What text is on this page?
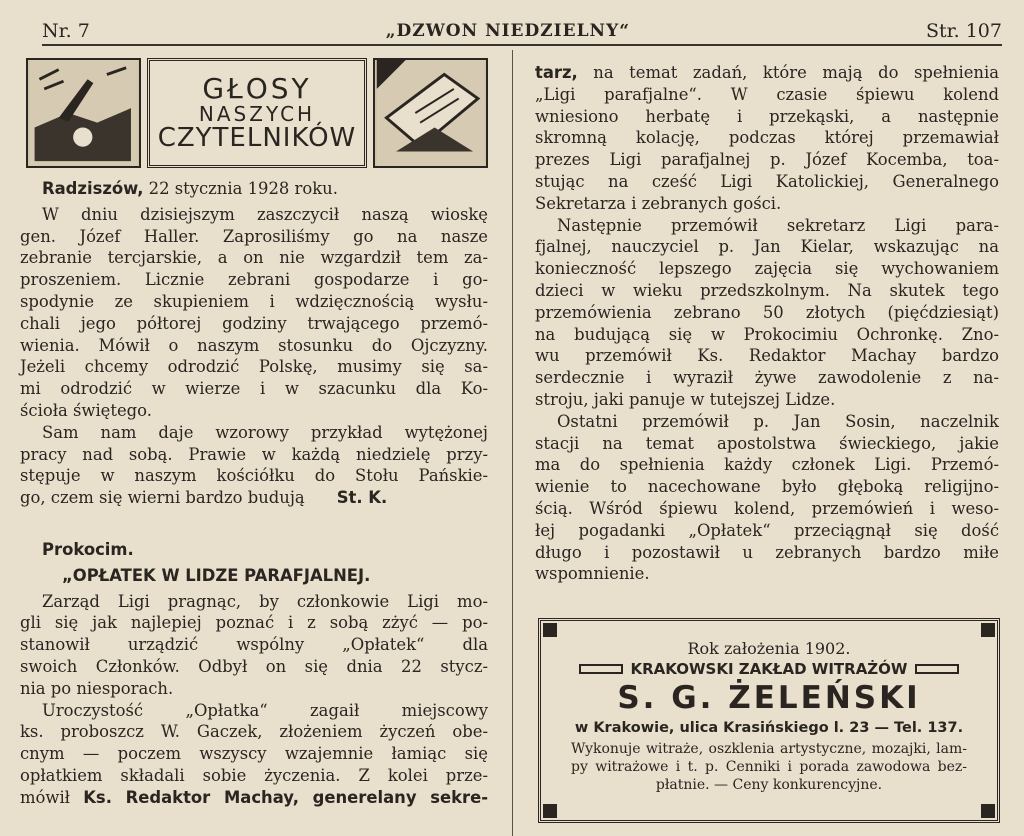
Nr. 7	„DZWON NIEDZIELNY“	Str. 107
GŁOSY
NASZYCH
CZYTELNIKÓW

Radziszów, 22 stycznia 1928 roku.

W dniu dzisiejszym zaszczycił naszą wioskę

gen. Józef Haller. Zaprosiliśmy go na nasze

zebranie tercjarskie, a on nie wzgardził tem za-

proszeniem. Licznie zebrani gospodarze i go-

spodynie ze skupieniem i wdzięcznością wysłu-

chali jego półtorej godziny trwającego przemó-

wienia. Mówił o naszym stosunku do Ojczyzny.

Jeżeli chcemy odrodzić Polskę, musimy się sa-

mi odrodzić w wierze i w szacunku dla Ko-

ścioła świętego.

Sam nam daje wzorowy przykład wytężonej

pracy nad sobą. Prawie w każdą niedzielę przy-

stępuje w naszym kościółku do Stołu Pańskie-

go, czem się wierni bardzo budują St. K.

Prokocim.

„OPŁATEK W LIDZE PARAFJALNEJ.

Zarząd Ligi pragnąc, by członkowie Ligi mo-

gli się jak najlepiej poznać i z sobą zżyć — po-

stanowił urządzić wspólny „Opłatek“ dla

swoich Członków. Odbył on się dnia 22 stycz-

nia po niesporach.

Uroczystość „Opłatka“ zagaił miejscowy

ks. proboszcz W. Gaczek, złożeniem życzeń obe-

cnym — poczem wszyscy wzajemnie łamiąc się

opłatkiem składali sobie życzenia. Z kolei prze-

mówił Ks. Redaktor Machay, generelany sekre-

tarz, na temat zadań, które mają do spełnienia

„Ligi parafjalne“. W czasie śpiewu kolend

wniesiono herbatę i przekąski, a następnie

skromną kolację, podczas której przemawiał

prezes Ligi parafjalnej p. Józef Kocemba, toa-

stując na cześć Ligi Katolickiej, Generalnego

Sekretarza i zebranych gości.

Następnie przemówił sekretarz Ligi para-

fjalnej, nauczyciel p. Jan Kielar, wskazując na

konieczność lepszego zajęcia się wychowaniem

dzieci w wieku przedszkolnym. Na skutek tego

przemówienia zebrano 50 złotych (pięćdziesiąt)

na budującą się w Prokocimiu Ochronkę. Zno-

wu przemówił Ks. Redaktor Machay bardzo

serdecznie i wyraził żywe zawodolenie z na-

stroju, jaki panuje w tutejszej Lidze.

Ostatni przemówił p. Jan Sosin, naczelnik

stacji na temat apostolstwa świeckiego, jakie

ma do spełnienia każdy członek Ligi. Przemó-

wienie to nacechowane było głęboką religijno-

ścią. Wśród śpiewu kolend, przemówień i weso-

łej pogadanki „Opłatek“ przeciągnął się dość

długo i pozostawił u zebranych bardzo miłe

wspomnienie.

Rok założenia 1902.
KRAKOWSKI ZAKŁAD WITRAŻÓW
S. G. ŻELEŃSKI
w Krakowie, ulica Krasińskiego l. 23 — Tel. 137.
Wykonuje witraże, oszklenia artystyczne, mozajki, lam-
py witrażowe i t. p. Cenniki i porada zawodowa bez-
płatnie. — Ceny konkurencyjne.
